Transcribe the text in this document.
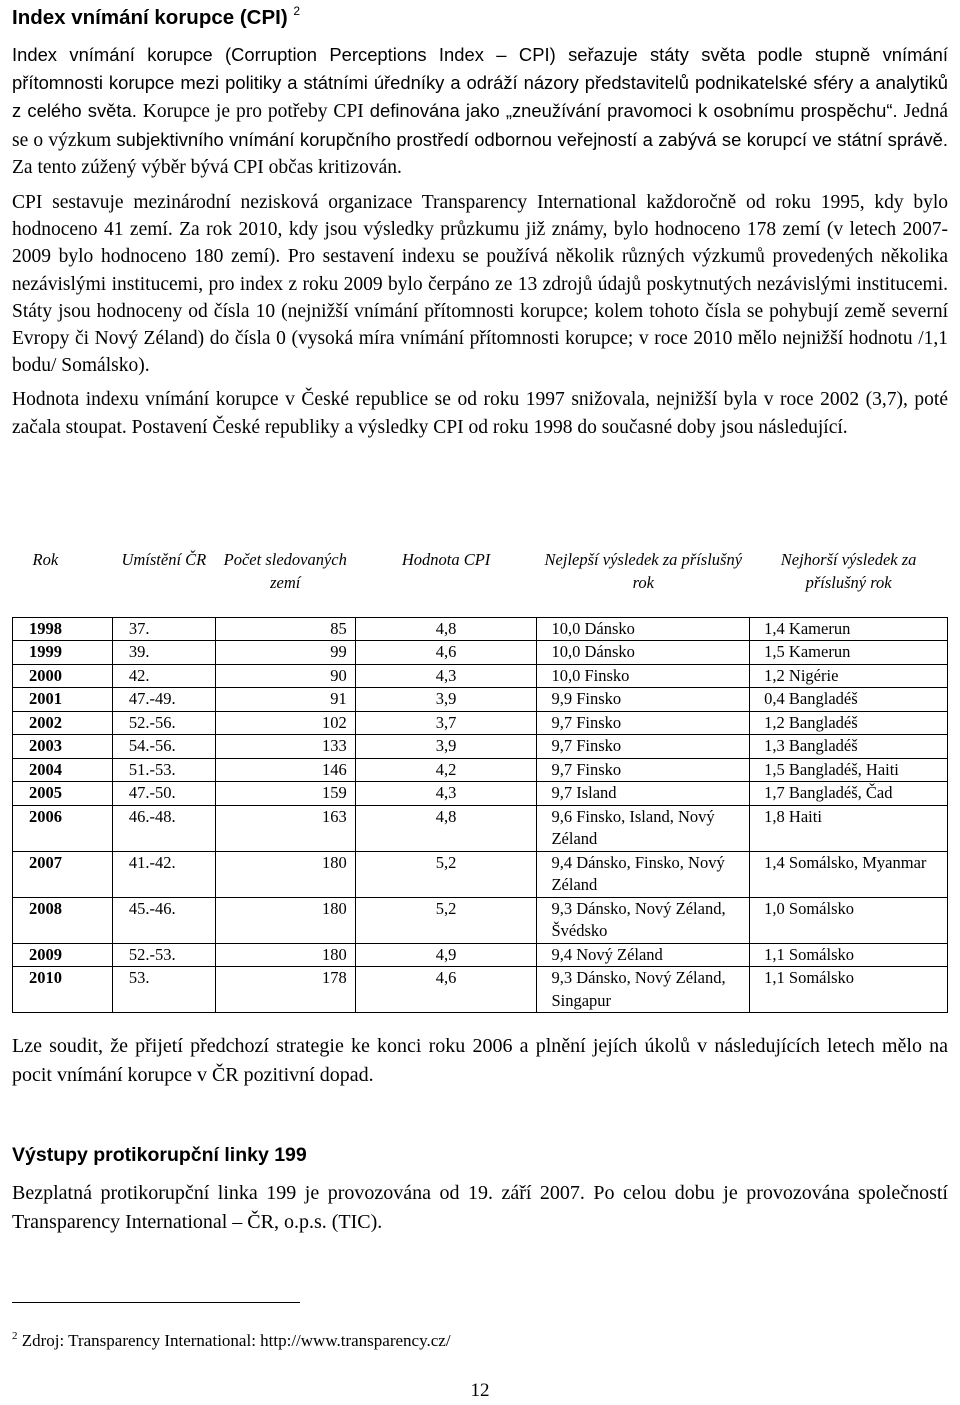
Index vnímání korupce (CPI) $^2$

Index vnímání korupce (Corruption Perceptions Index – CPI) seřazuje státy světa podle stupně vnímání přítomnosti korupce mezi politiky a státními úředníky a odráží názory představitelů podnikatelské sféry a analytiků z celého světa. Korupce je pro potřeby CPI definována jako „zneužívání pravomoci k osobnímu prospěchu“. Jedná se o výzkum subjektivního vnímání korupčního prostředí odbornou veřejností a zabývá se korupcí ve státní správě. Za tento zúžený výběr bývá CPI občas kritizován.

CPI sestavuje mezinárodní nezisková organizace Transparency International každoročně od roku 1995, kdy bylo hodnoceno 41 zemí. Za rok 2010, kdy jsou výsledky průzkumu již známy, bylo hodnoceno 178 zemí (v letech 2007-2009 bylo hodnoceno 180 zemí). Pro sestavení indexu se používá několik různých výzkumů provedených několika nezávislými institucemi, pro index z roku 2009 bylo čerpáno ze 13 zdrojů údajů poskytnutých nezávislými institucemi. Státy jsou hodnoceny od čísla 10 (nejnižší vnímání přítomnosti korupce; kolem tohoto čísla se pohybují země severní Evropy či Nový Zéland) do čísla 0 (vysoká míra vnímání přítomnosti korupce; v roce 2010 mělo nejnižší hodnotu /1,1 bodu/ Somálsko).

Hodnota indexu vnímání korupce v České republice se od roku 1997 snižovala, nejnižší byla v roce 2002 (3,7), poté začala stoupat. Postavení České republiky a výsledky CPI od roku 1998 do současné doby jsou následující.

Rok	Umístění ČR	Počet sledovaných zemí	Hodnota CPI	Nejlepší výsledek za příslušný rok	Nejhorší výsledek za příslušný rok
1998	37.	85	4,8	10,0 Dánsko	1,4 Kamerun
1999	39.	99	4,6	10,0 Dánsko	1,5 Kamerun
2000	42.	90	4,3	10,0 Finsko	1,2 Nigérie
2001	47.-49.	91	3,9	9,9 Finsko	0,4 Bangladéš
2002	52.-56.	102	3,7	9,7 Finsko	1,2 Bangladéš
2003	54.-56.	133	3,9	9,7 Finsko	1,3 Bangladéš
2004	51.-53.	146	4,2	9,7 Finsko	1,5 Bangladéš, Haiti
2005	47.-50.	159	4,3	9,7 Island	1,7 Bangladéš, Čad
2006	46.-48.	163	4,8	9,6 Finsko, Island, Nový Zéland	1,8 Haiti
2007	41.-42.	180	5,2	9,4 Dánsko, Finsko, Nový Zéland	1,4 Somálsko, Myanmar
2008	45.-46.	180	5,2	9,3 Dánsko, Nový Zéland, Švédsko	1,0 Somálsko
2009	52.-53.	180	4,9	9,4 Nový Zéland	1,1 Somálsko
2010	53.	178	4,6	9,3 Dánsko, Nový Zéland, Singapur	1,1 Somálsko

Lze soudit, že přijetí předchozí strategie ke konci roku 2006 a plnění jejích úkolů v následujících letech mělo na pocit vnímání korupce v ČR pozitivní dopad.

Výstupy protikorupční linky 199

Bezplatná protikorupční linka 199 je provozována od 19. září 2007. Po celou dobu je provozována společností Transparency International – ČR, o.p.s. (TIC).

$^2$ Zdroj: Transparency International: http://www.transparency.cz/
12
